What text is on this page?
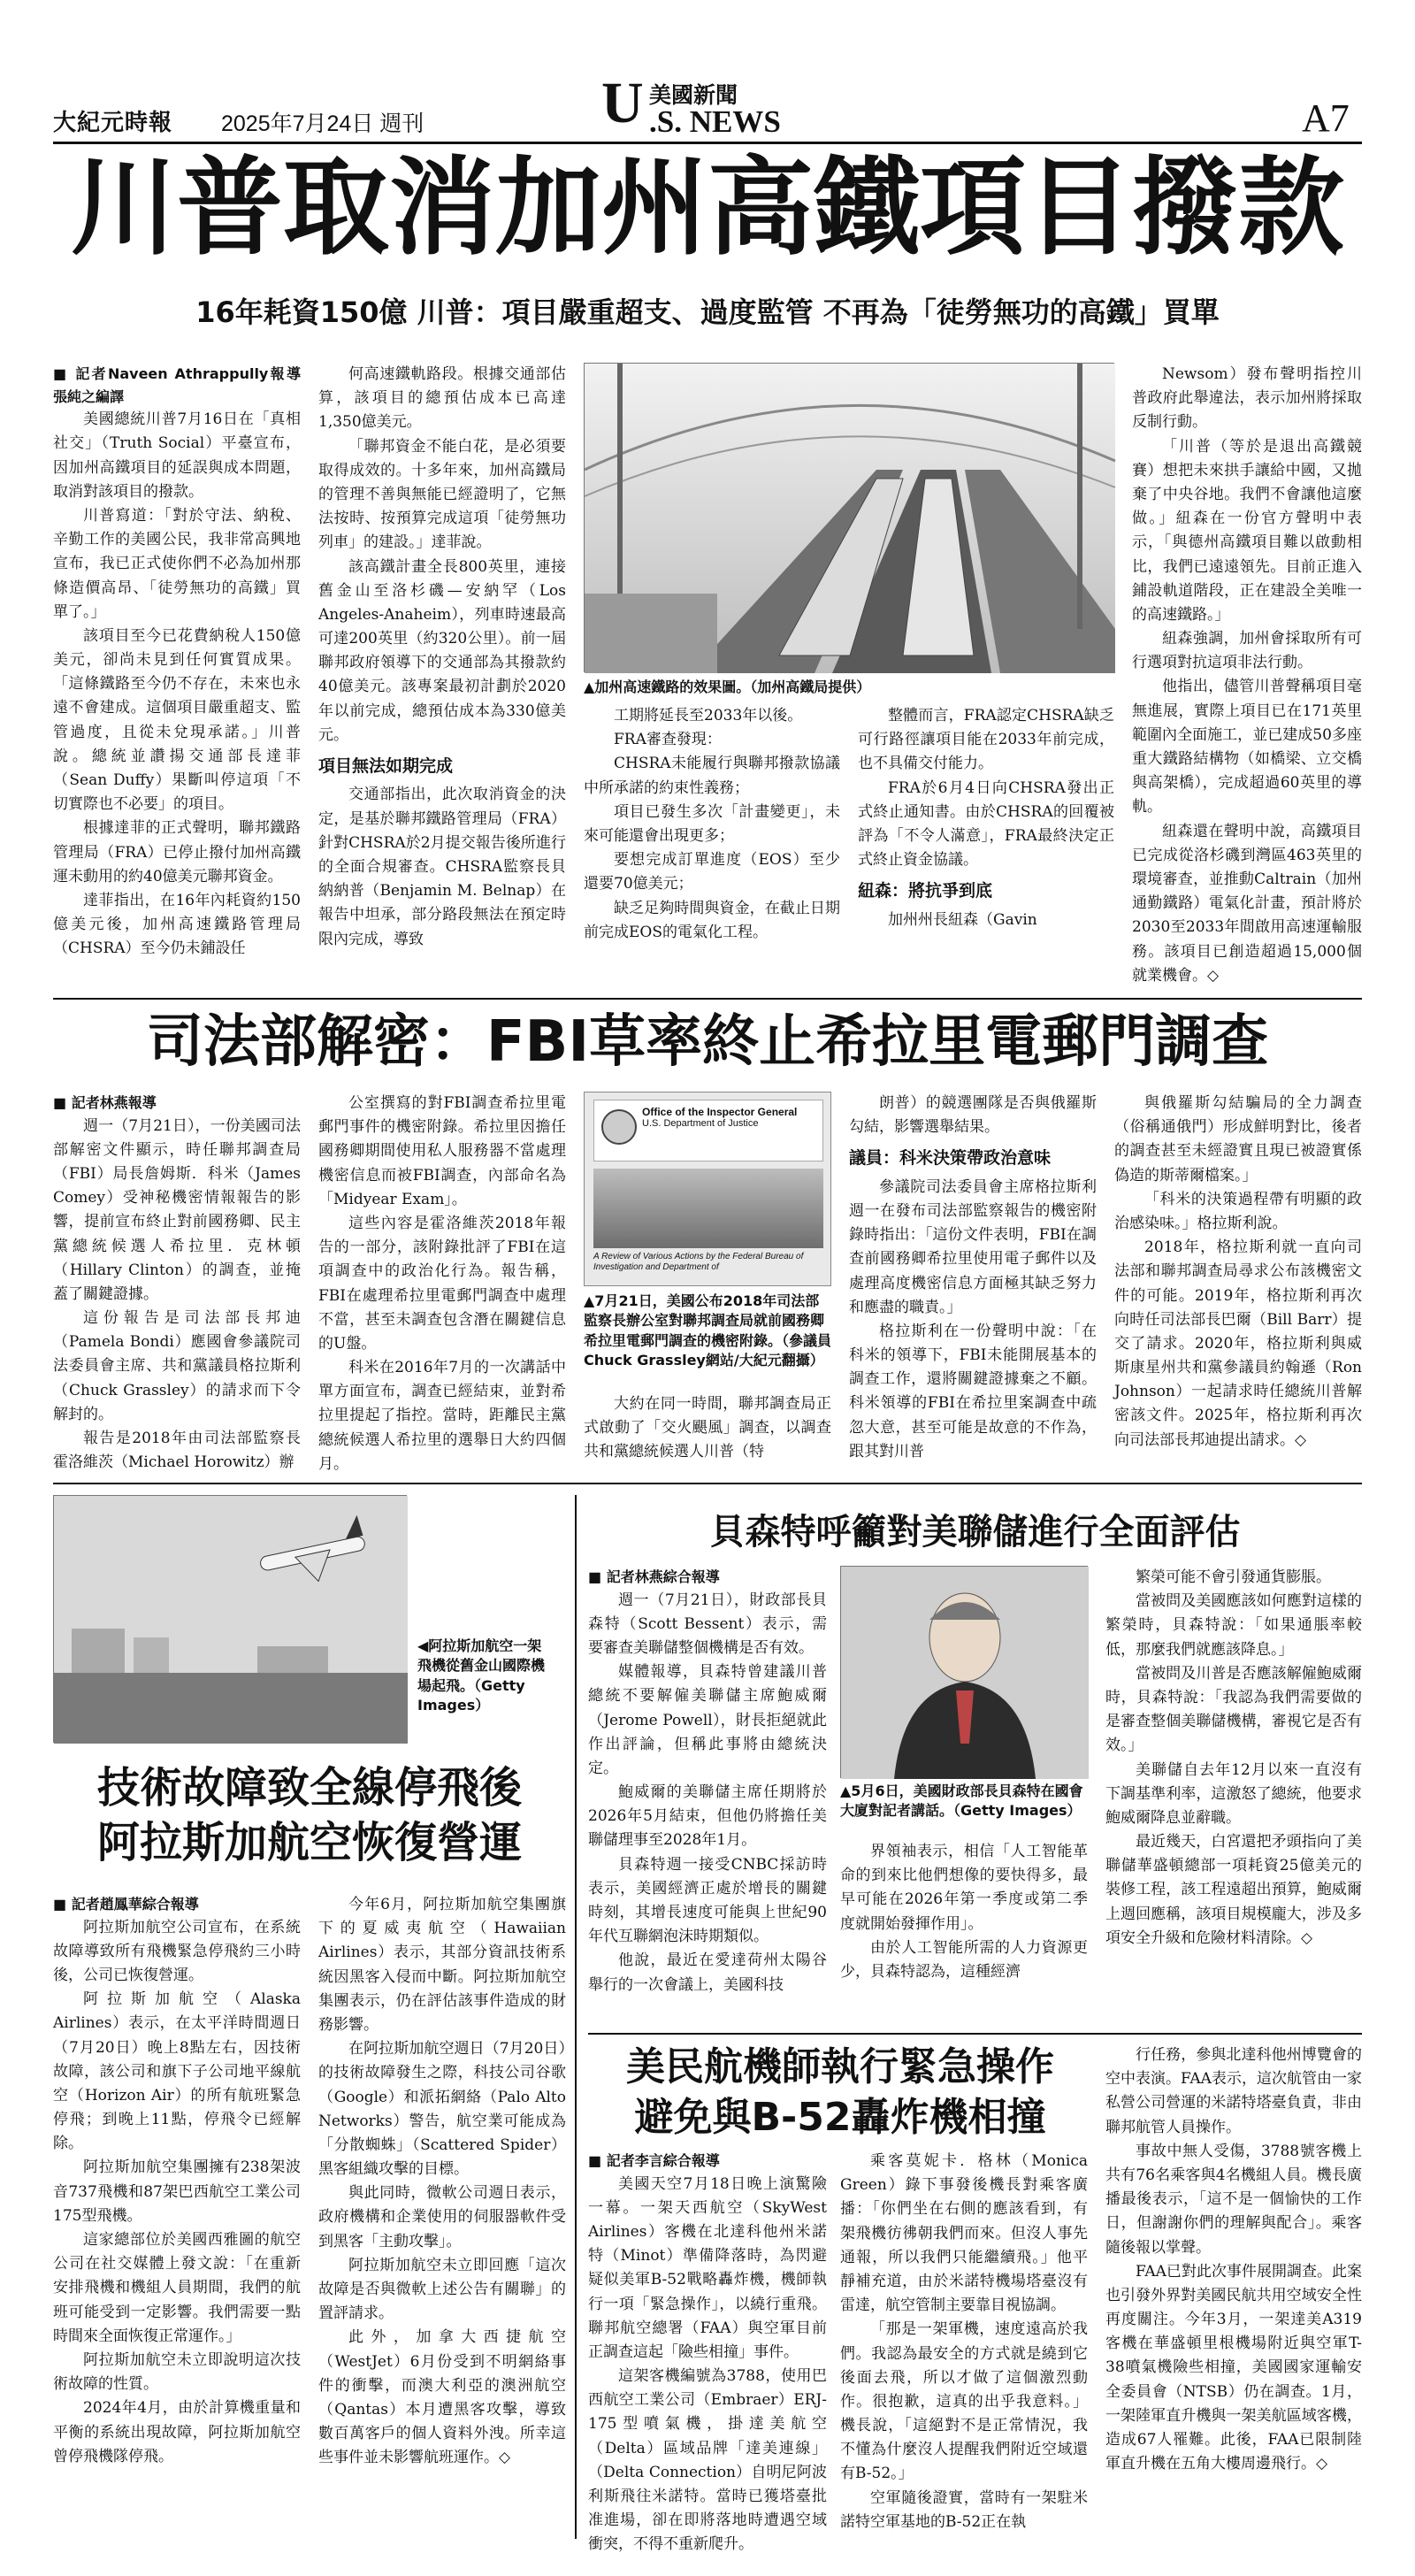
大紀元時報 2025年7月24日 週刊	U 美國新聞
.S. NEWS	A7
川普取消加州高鐵項目撥款
16年耗資150億 川普：項目嚴重超支、過度監管 不再為「徒勞無功的高鐵」買單
■ 記者Naveen Athrappully報導 張純之編譯

美國總統川普7月16日在「真相社交」（Truth Social）平臺宣布，因加州高鐵項目的延誤與成本問題，取消對該項目的撥款。

川普寫道：「對於守法、納稅、辛勤工作的美國公民，我非常高興地宣布，我已正式使你們不必為加州那條造價高昂、「徒勞無功的高鐵」買單了。」

該項目至今已花費納稅人150億美元，卻尚未見到任何實質成果。「這條鐵路至今仍不存在，未來也永遠不會建成。這個項目嚴重超支、監管過度，且從未兌現承諾。」川普說。總統並讚揚交通部長達菲（Sean Duffy）果斷叫停這項「不切實際也不必要」的項目。

根據達菲的正式聲明，聯邦鐵路管理局（FRA）已停止撥付加州高鐵運未動用的約40億美元聯邦資金。

達菲指出，在16年內耗資約150億美元後，加州高速鐵路管理局（CHSRA）至今仍未鋪設任

何高速鐵軌路段。根據交通部估算，該項目的總預估成本已高達1,350億美元。

「聯邦資金不能白花，是必須要取得成效的。十多年來，加州高鐵局的管理不善與無能已經證明了，它無法按時、按預算完成這項「徒勞無功列車」的建設。」達菲說。

該高鐵計畫全長800英里，連接舊金山至洛杉磯—安納罕（Los Angeles-Anaheim），列車時速最高可達200英里（約320公里）。前一屆聯邦政府領導下的交通部為其撥款約40億美元。該專案最初計劃於2020年以前完成，總預估成本為330億美元。

項目無法如期完成

交通部指出，此次取消資金的決定，是基於聯邦鐵路管理局（FRA）針對CHSRA於2月提交報告後所進行的全面合規審查。CHSRA監察長貝納納普（Benjamin M. Belnap）在報告中坦承，部分路段無法在預定時限內完成，導致

▲加州高速鐵路的效果圖。（加州高鐵局提供）

工期將延長至2033年以後。

FRA審查發現：

CHSRA未能履行與聯邦撥款協議中所承諾的約束性義務；

項目已發生多次「計畫變更」，未來可能還會出現更多；

要想完成訂單進度（EOS）至少還要70億美元；

缺乏足夠時間與資金，在截止日期前完成EOS的電氣化工程。

整體而言，FRA認定CHSRA缺乏可行路徑讓項目能在2033年前完成，也不具備交付能力。

FRA於6月4日向CHSRA發出正式終止通知書。由於CHSRA的回覆被評為「不令人滿意」，FRA最終決定正式終止資金協議。

紐森：將抗爭到底

加州州長紐森（Gavin

Newsom）發布聲明指控川普政府此舉違法，表示加州將採取反制行動。

「川普（等於是退出高鐵競賽）想把未來拱手讓給中國，又拋棄了中央谷地。我們不會讓他這麼做。」紐森在一份官方聲明中表示，「與德州高鐵項目難以啟動相比，我們已遠遠領先。目前正進入鋪設軌道階段，正在建設全美唯一的高速鐵路。」

紐森強調，加州會採取所有可行選項對抗這項非法行動。

他指出，儘管川普聲稱項目毫無進展，實際上項目已在171英里範圍內全面施工，並已建成50多座重大鐵路結構物（如橋梁、立交橋與高架橋），完成超過60英里的導軌。

紐森還在聲明中說，高鐵項目已完成從洛杉磯到灣區463英里的環境審查，並推動Caltrain（加州通勤鐵路）電氣化計畫，預計將於2030至2033年間啟用高速運輸服務。該項目已創造超過15,000個就業機會。◇

司法部解密：FBI草率終止希拉里電郵門調查
■ 記者林燕報導

週一（7月21日），一份美國司法部解密文件顯示，時任聯邦調查局（FBI）局長詹姆斯．科米（James Comey）受神秘機密情報報告的影響，提前宣布終止對前國務卿、民主黨總統候選人希拉里．克林頓（Hillary Clinton）的調查，並掩蓋了關鍵證據。

這份報告是司法部長邦迪（Pamela Bondi）應國會參議院司法委員會主席、共和黨議員格拉斯利（Chuck Grassley）的請求而下令解封的。

報告是2018年由司法部監察長霍洛維茨（Michael Horowitz）辦

公室撰寫的對FBI調查希拉里電郵門事件的機密附錄。希拉里因擔任國務卿期間使用私人服務器不當處理機密信息而被FBI調查，內部命名為「Midyear Exam」。

這些內容是霍洛維茨2018年報告的一部分，該附錄批評了FBI在這項調查中的政治化行為。報告稱，FBI在處理希拉里電郵門調查中處理不當，甚至未調查包含潛在關鍵信息的U盤。

科米在2016年7月的一次講話中單方面宣布，調查已經結束，並對希拉里提起了指控。當時，距離民主黨總統候選人希拉里的選舉日大約四個月。

Office of the Inspector General
U.S. Department of Justice
A Review of Various Actions by the Federal Bureau of Investigation and Department of
▲7月21日，美國公布2018年司法部監察長辦公室對聯邦調查局就前國務卿希拉里電郵門調查的機密附錄。（參議員Chuck Grassley網站/大紀元翻攝）

大約在同一時間，聯邦調查局正式啟動了「交火颶風」調查，以調查共和黨總統候選人川普（特

朗普）的競選團隊是否與俄羅斯勾結，影響選舉結果。

議員：科米決策帶政治意味

參議院司法委員會主席格拉斯利週一在發布司法部監察報告的機密附錄時指出：「這份文件表明，FBI在調查前國務卿希拉里使用電子郵件以及處理高度機密信息方面極其缺乏努力和應盡的職責。」

格拉斯利在一份聲明中說：「在科米的領導下，FBI未能開展基本的調查工作，還將關鍵證據棄之不顧。科米領導的FBI在希拉里案調查中疏忽大意，甚至可能是故意的不作為，跟其對川普

與俄羅斯勾結騙局的全力調查（俗稱通俄門）形成鮮明對比，後者的調查甚至未經證實且現已被證實係偽造的斯蒂爾檔案。」

「科米的決策過程帶有明顯的政治感染味。」格拉斯利說。

2018年，格拉斯利就一直向司法部和聯邦調查局尋求公布該機密文件的可能。2019年，格拉斯利再次向時任司法部長巴爾（Bill Barr）提交了請求。2020年，格拉斯利與威斯康星州共和黨參議員約翰遜（Ron Johnson）一起請求時任總統川普解密該文件。2025年，格拉斯利再次向司法部長邦迪提出請求。◇

◀阿拉斯加航空一架飛機從舊金山國際機場起飛。（Getty Images）
技術故障致全線停飛後
阿拉斯加航空恢復營運
■ 記者趙鳳華綜合報導

阿拉斯加航空公司宣布，在系統故障導致所有飛機緊急停飛約三小時後，公司已恢復營運。

阿拉斯加航空（Alaska Airlines）表示，在太平洋時間週日（7月20日）晚上8點左右，因技術故障，該公司和旗下子公司地平線航空（Horizon Air）的所有航班緊急停飛；到晚上11點，停飛令已經解除。

阿拉斯加航空集團擁有238架波音737飛機和87架巴西航空工業公司175型飛機。

這家總部位於美國西雅圖的航空公司在社交媒體上發文說：「在重新安排飛機和機組人員期間，我們的航班可能受到一定影響。我們需要一點時間來全面恢復正常運作。」

阿拉斯加航空未立即說明這次技術故障的性質。

2024年4月，由於計算機重量和平衡的系統出現故障，阿拉斯加航空曾停飛機隊停飛。

今年6月，阿拉斯加航空集團旗下的夏威夷航空（Hawaiian Airlines）表示，其部分資訊技術系統因黑客入侵而中斷。阿拉斯加航空集團表示，仍在評估該事件造成的財務影響。

在阿拉斯加航空週日（7月20日）的技術故障發生之際，科技公司谷歌（Google）和派拓網絡（Palo Alto Networks）警告，航空業可能成為「分散蜘蛛」（Scattered Spider）黑客組織攻擊的目標。

與此同時，微軟公司週日表示，政府機構和企業使用的伺服器軟件受到黑客「主動攻擊」。

阿拉斯加航空未立即回應「這次故障是否與微軟上述公告有關聯」的置評請求。

此外，加拿大西捷航空（WestJet）6月份受到不明網絡事件的衝擊，而澳大利亞的澳洲航空（Qantas）本月遭黑客攻擊，導致數百萬客戶的個人資料外洩。所幸這些事件並未影響航班運作。◇

貝森特呼籲對美聯儲進行全面評估
■ 記者林燕綜合報導

週一（7月21日），財政部長貝森特（Scott Bessent）表示，需要審查美聯儲整個機構是否有效。

媒體報導，貝森特曾建議川普總統不要解僱美聯儲主席鮑威爾（Jerome Powell），財長拒絕就此作出評論，但稱此事將由總統決定。

鮑威爾的美聯儲主席任期將於2026年5月結束，但他仍將擔任美聯儲理事至2028年1月。

貝森特週一接受CNBC採訪時表示，美國經濟正處於增長的關鍵時刻，其增長速度可能與上世紀90年代互聯網泡沫時期類似。

他說，最近在愛達荷州太陽谷舉行的一次會議上，美國科技

▲5月6日，美國財政部長貝森特在國會大廈對記者講話。（Getty Images）

界領袖表示，相信「人工智能革命的到來比他們想像的要快得多，最早可能在2026年第一季度或第二季度就開始發揮作用」。

由於人工智能所需的人力資源更少，貝森特認為，這種經濟

繁榮可能不會引發通貨膨脹。

當被問及美國應該如何應對這樣的繁榮時，貝森特說：「如果通脹率較低，那麼我們就應該降息。」

當被問及川普是否應該解僱鮑威爾時，貝森特說：「我認為我們需要做的是審查整個美聯儲機構，審視它是否有效。」

美聯儲自去年12月以來一直沒有下調基準利率，這激怒了總統，他要求鮑威爾降息並辭職。

最近幾天，白宮還把矛頭指向了美聯儲華盛頓總部一項耗資25億美元的裝修工程，該工程遠超出預算，鮑威爾上週回應稱，該項目規模龐大，涉及多項安全升級和危險材料清除。◇

美民航機師執行緊急操作
避免與B-52轟炸機相撞
■ 記者李言綜合報導

美國天空7月18日晚上演驚險一幕。一架天西航空（SkyWest Airlines）客機在北達科他州米諾特（Minot）準備降落時，為閃避疑似美軍B-52戰略轟炸機，機師執行一項「緊急操作」，以繞行重飛。聯邦航空總署（FAA）與空軍目前正調查這起「險些相撞」事件。

這架客機編號為3788，使用巴西航空工業公司（Embraer）ERJ-175型噴氣機，掛達美航空（Delta）區域品牌「達美連線」（Delta Connection）自明尼阿波利斯飛往米諾特。當時已獲塔臺批准進場，卻在即將落地時遭遇空域衝突，不得不重新爬升。

乘客莫妮卡．格林（Monica Green）錄下事發後機長對乘客廣播：「你們坐在右側的應該看到，有架飛機彷彿朝我們而來。但沒人事先通報，所以我們只能繼續飛。」他平靜補充道，由於米諾特機場塔臺沒有雷達，航空管制主要靠目視協調。

「那是一架軍機，速度遠高於我們。我認為最安全的方式就是繞到它後面去飛，所以才做了這個激烈動作。很抱歉，這真的出乎我意料。」機長說，「這絕對不是正常情況，我不懂為什麼沒人提醒我們附近空域還有B-52。」

空軍隨後證實，當時有一架駐米諾特空軍基地的B-52正在執

行任務，參與北達科他州博覽會的空中表演。FAA表示，這次航管由一家私營公司營運的米諾特塔臺負責，非由聯邦航管人員操作。

事故中無人受傷，3788號客機上共有76名乘客與4名機組人員。機長廣播最後表示，「這不是一個愉快的工作日，但謝謝你們的理解與配合」。乘客隨後報以掌聲。

FAA已對此次事件展開調查。此案也引發外界對美國民航共用空域安全性再度關注。今年3月，一架達美A319客機在華盛頓里根機場附近與空軍T-38噴氣機險些相撞，美國國家運輸安全委員會（NTSB）仍在調查。1月，一架陸軍直升機與一架美航區域客機，造成67人罹難。此後，FAA已限制陸軍直升機在五角大樓周邊飛行。◇
